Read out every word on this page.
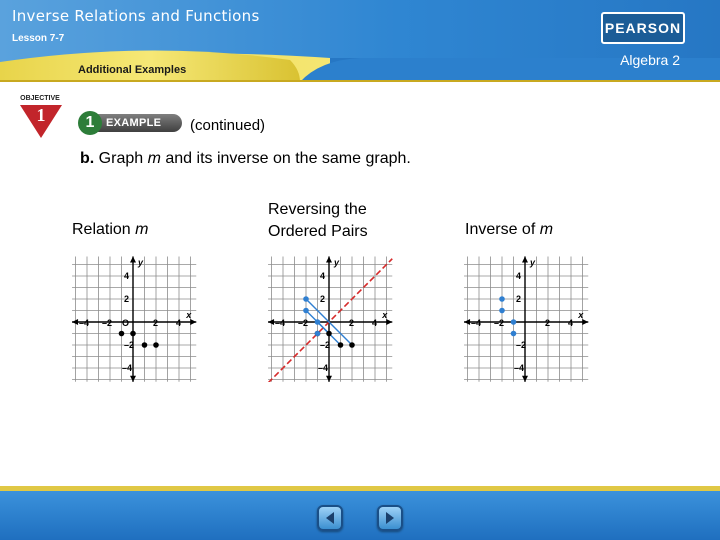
Inverse Relations and Functions
Lesson 7-7
Additional Examples
Algebra 2
PEARSON
OBJECTIVE
1	1	EXAMPLE (continued)
b. Graph m and its inverse on the same graph.
Relation m
Reversing the
Ordered Pairs	Inverse of m
x
y
–4 –2	2 4
4
2
–2
–4
O
x
y
–4 –2	2 4
4
2
–2
–4
x
y
–4 –2	2 4
4
2
–2
–4
